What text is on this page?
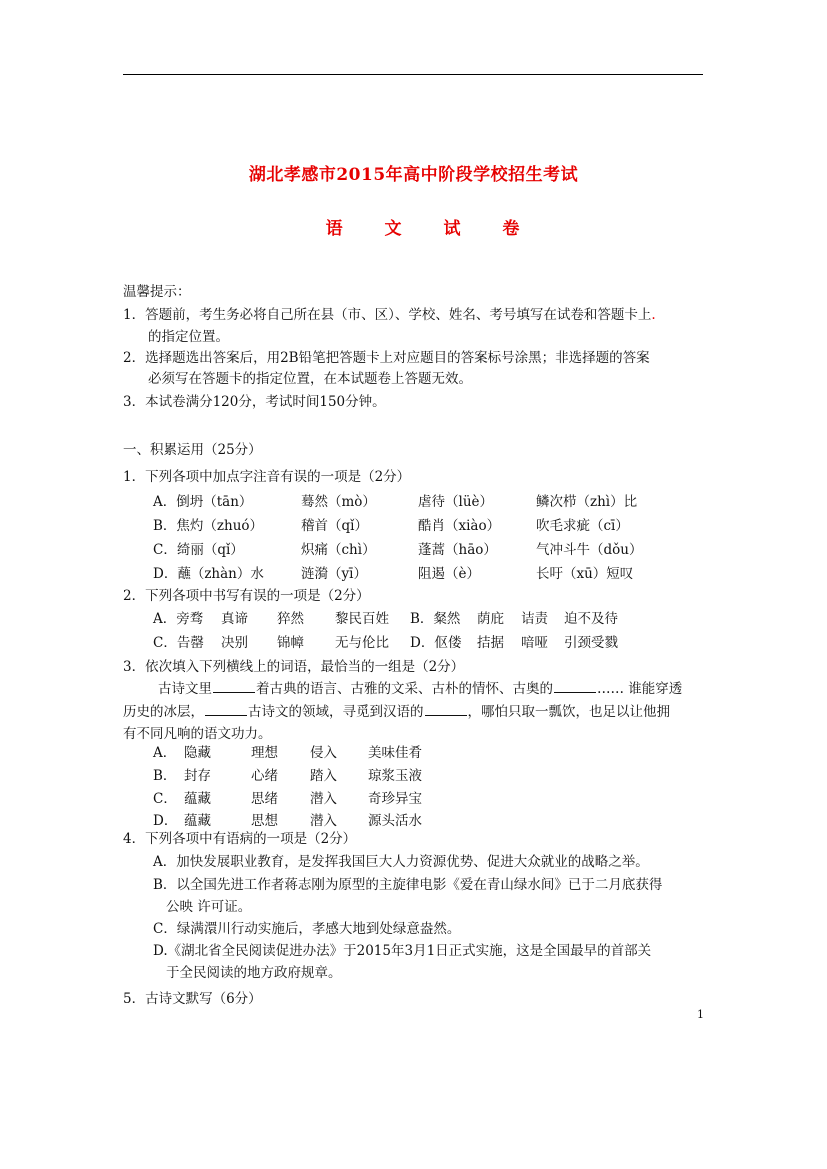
湖北孝感市2015年高中阶段学校招生考试
语 文 试 卷
温馨提示：
1．答题前，考生务必将自己所在县（市、区）、学校、姓名、考号填写在试卷和答题卡上.
的指定位置。
2．选择题选出答案后，用2B铅笔把答题卡上对应题目的答案标号涂黑；非选择题的答案
必须写在答题卡的指定位置，在本试题卷上答题无效。
3．本试卷满分120分，考试时间150分钟。
一、积累运用（25分）
1．下列各项中加点字注音有误的一项是（2分）
A．倒坍（tān）	蓦然（mò）	虐待（lüè）	鳞次栉（zhì）比
B．焦灼（zhuó）	稽首（qǐ）	酷肖（xiào）	吹毛求疵（cī）
C．绮丽（qǐ）	炽痛（chì）	蓬蒿（hāo）	气冲斗牛（dǒu）
D．蘸（zhàn）水	涟漪（yī）	阻遏（è）	长吁（xū）短叹
2．下列各项中书写有误的一项是（2分）
A．旁骛 真谛 猝然 黎民百姓 B．粲然 荫庇 诘责 迫不及待
C．告罄 决别 锦幛 无与伦比 D．伛偻 拮据 喑哑 引颈受戮
3．依次填入下列横线上的词语，最恰当的一组是（2分）
古诗文里	着古典的语言、古雅的文采、古朴的情怀、古奥的	…… 谁能穿透
历史的冰层，	古诗文的领域，寻觅到汉语的	，哪怕只取一瓢饮，也足以让他拥
有不同凡响的语文功力。
A． 隐藏	理想 侵入 美味佳肴
B． 封存	心绪 踏入 琼浆玉液
C． 蕴藏	思绪 潜入 奇珍异宝
D． 蕴藏	思想 潜入 源头活水
4．下列各项中有语病的一项是（2分）
A．加快发展职业教育，是发挥我国巨大人力资源优势、促进大众就业的战略之举。
B．以全国先进工作者蒋志刚为原型的主旋律电影《爱在青山绿水间》已于二月底获得
公映 许可证。
C．绿满澴川行动实施后，孝感大地到处绿意盎然。
D.《湖北省全民阅读促进办法》于2015年3月1日正式实施，这是全国最早的首部关
于全民阅读的地方政府规章。
5．古诗文默写（6分）
1
